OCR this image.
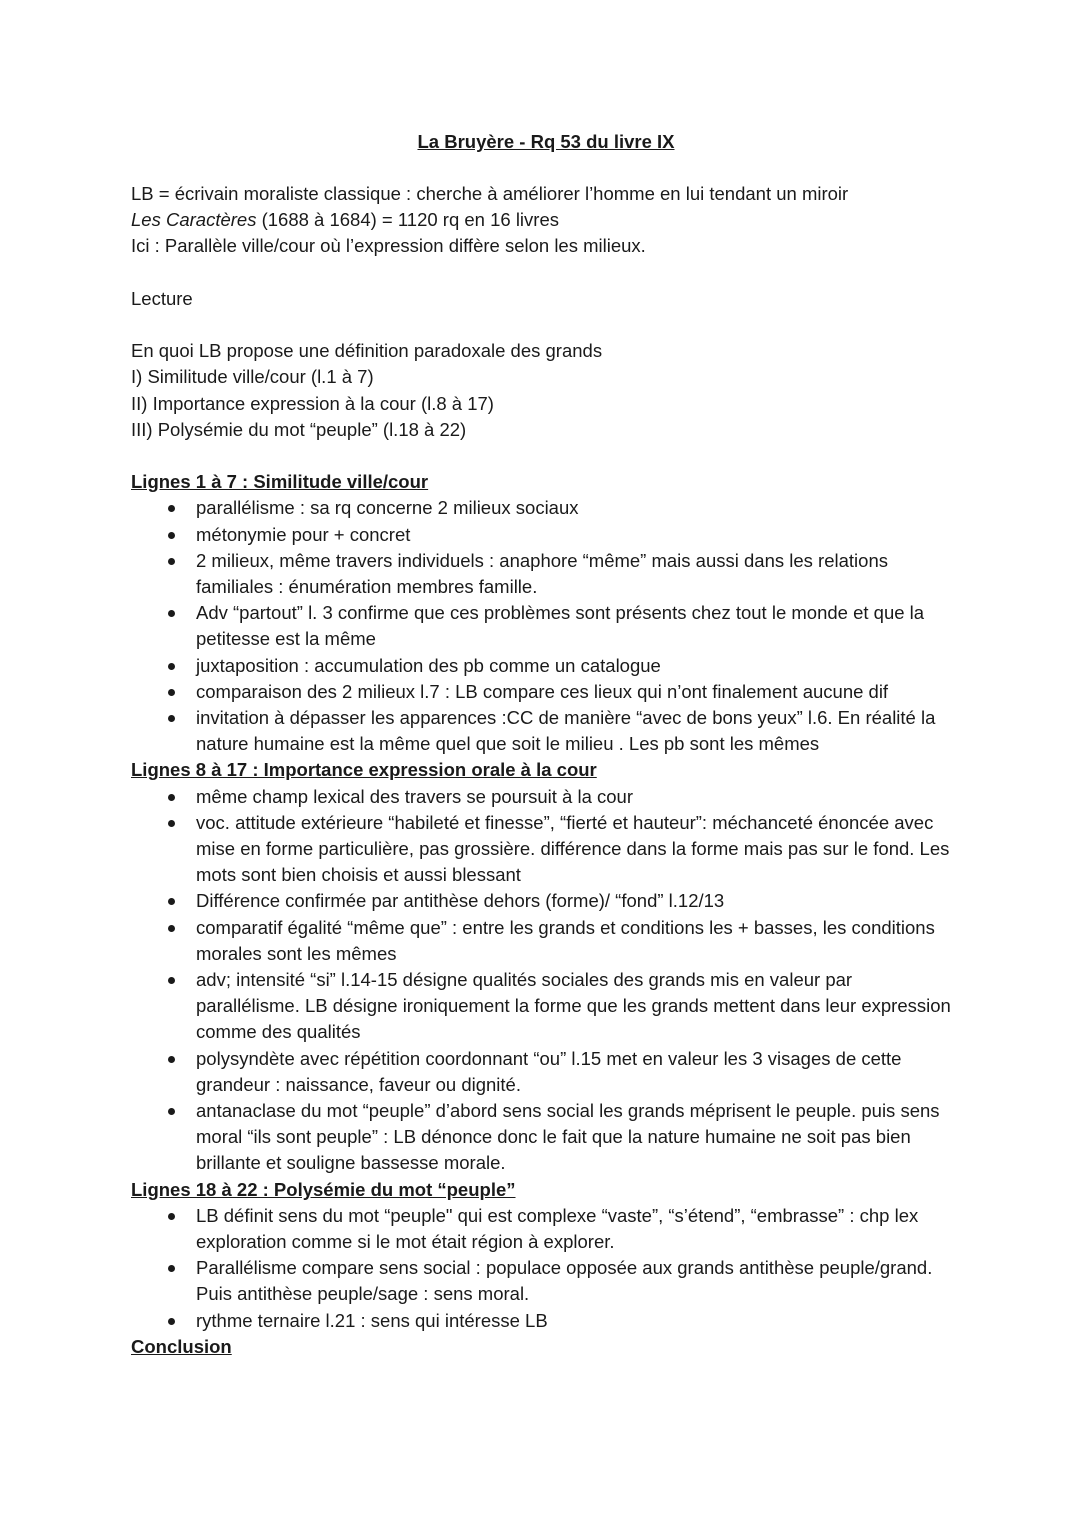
La Bruyère - Rq 53 du livre IX

LB = écrivain moraliste classique : cherche à améliorer l’homme en lui tendant un miroir

Les Caractères (1688 à 1684) = 1120 rq en 16 livres

Ici : Parallèle ville/cour où l’expression diffère selon les milieux.

Lecture

En quoi LB propose une définition paradoxale des grands

I) Similitude ville/cour (l.1 à 7)

II) Importance expression à la cour (l.8 à 17)

III) Polysémie du mot “peuple” (l.18 à 22)

Lignes 1 à 7 : Similitude ville/cour

parallélisme : sa rq concerne 2 milieux sociaux
métonymie pour + concret
2 milieux, même travers individuels : anaphore “même” mais aussi dans les relations familiales : énumération membres famille.
Adv “partout” l. 3 confirme que ces problèmes sont présents chez tout le monde et que la petitesse est la même
juxtaposition : accumulation des pb comme un catalogue
comparaison des 2 milieux l.7 : LB compare ces lieux qui n’ont finalement aucune dif
invitation à dépasser les apparences :CC de manière “avec de bons yeux” l.6. En réalité la nature humaine est la même quel que soit le milieu . Les pb sont les mêmes

Lignes 8 à 17 : Importance expression orale à la cour

même champ lexical des travers se poursuit à la cour
voc. attitude extérieure “habileté et finesse”, “fierté et hauteur”: méchanceté énoncée avec mise en forme particulière, pas grossière. différence dans la forme mais pas sur le fond. Les mots sont bien choisis et aussi blessant
Différence confirmée par antithèse dehors (forme)/ “fond” l.12/13
comparatif égalité “même que” : entre les grands et conditions les + basses, les conditions morales sont les mêmes
adv; intensité “si” l.14-15 désigne qualités sociales des grands mis en valeur par parallélisme. LB désigne ironiquement la forme que les grands mettent dans leur expression comme des qualités
polysyndète avec répétition coordonnant “ou” l.15 met en valeur les 3 visages de cette grandeur : naissance, faveur ou dignité.
antanaclase du mot “peuple” d’abord sens social les grands méprisent le peuple. puis sens moral “ils sont peuple” : LB dénonce donc le fait que la nature humaine ne soit pas bien brillante et souligne bassesse morale.

Lignes 18 à 22 : Polysémie du mot “peuple”

LB définit sens du mot “peuple" qui est complexe “vaste”, “s’étend”, “embrasse” : chp lex exploration comme si le mot était région à explorer.
Parallélisme compare sens social : populace opposée aux grands antithèse peuple/grand. Puis antithèse peuple/sage : sens moral.
rythme ternaire l.21 : sens qui intéresse LB

Conclusion
